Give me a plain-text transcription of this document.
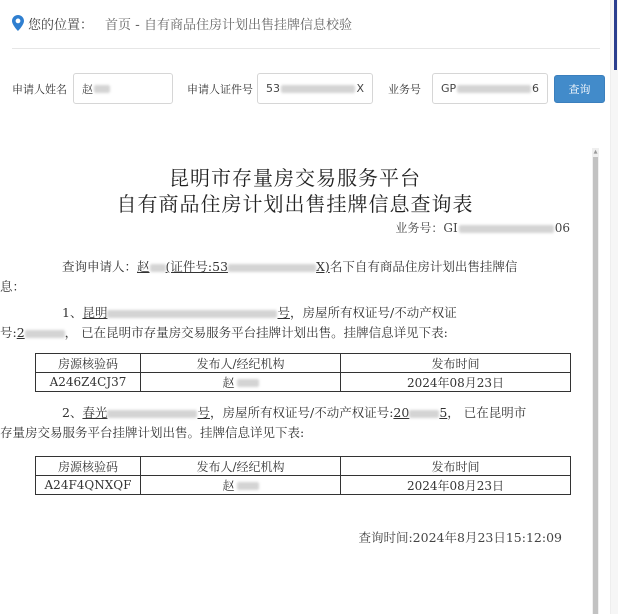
您的位置： 首页 - 自有商品住房计划出售挂牌信息校验
申请人姓名 赵	申请人证件号 53	X 业务号 GP	6	查询
昆明市存量房交易服务平台
自有商品住房计划出售挂牌信息查询表
业务号：GI	06
查询申请人：赵 (证件号:53	X)名下自有商品住房计划出售挂牌信
息：
1、昆明	号，房屋所有权证号/不动产权证
号:2	， 已在昆明市存量房交易服务平台挂牌计划出售。挂牌信息详见下表:
房源核验码	发布人/经纪机构	发布时间
A246Z4CJ37	赵	2024年08月23日
2、春光	号，房屋所有权证号/不动产权证号:20 5， 已在昆明市
存量房交易服务平台挂牌计划出售。挂牌信息详见下表:
房源核验码	发布人/经纪机构	发布时间
A24F4QNXQF	赵	2024年08月23日
查询时间:2024年8月23日15:12:09
▲
